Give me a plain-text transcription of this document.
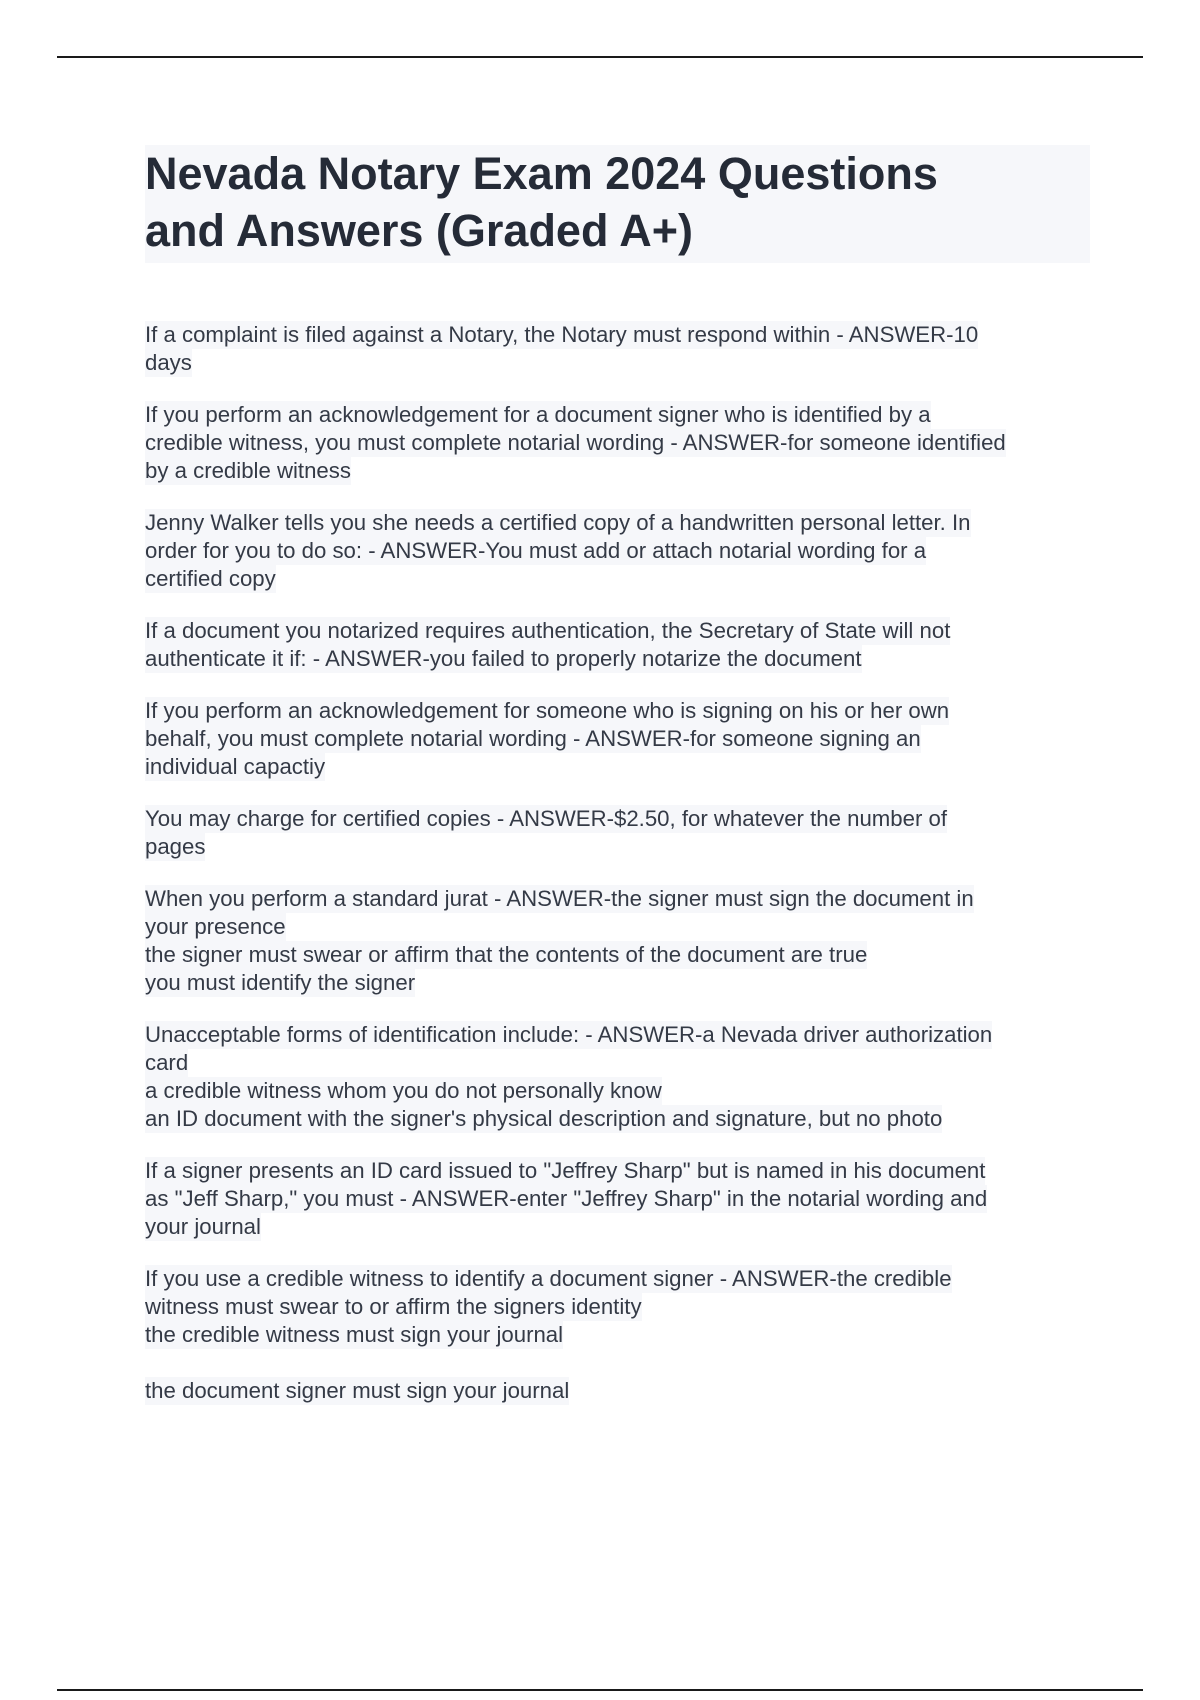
Nevada Notary Exam 2024 Questions
and Answers (Graded A+)
If a complaint is filed against a Notary, the Notary must respond within - ANSWER-10
days
If you perform an acknowledgement for a document signer who is identified by a
credible witness, you must complete notarial wording - ANSWER-for someone identified
by a credible witness
Jenny Walker tells you she needs a certified copy of a handwritten personal letter. In
order for you to do so: - ANSWER-You must add or attach notarial wording for a
certified copy
If a document you notarized requires authentication, the Secretary of State will not
authenticate it if: - ANSWER-you failed to properly notarize the document
If you perform an acknowledgement for someone who is signing on his or her own
behalf, you must complete notarial wording - ANSWER-for someone signing an
individual capactiy
You may charge for certified copies - ANSWER-$2.50, for whatever the number of
pages
When you perform a standard jurat - ANSWER-the signer must sign the document in
your presence
the signer must swear or affirm that the contents of the document are true
you must identify the signer
Unacceptable forms of identification include: - ANSWER-a Nevada driver authorization
card
a credible witness whom you do not personally know
an ID document with the signer's physical description and signature, but no photo
If a signer presents an ID card issued to "Jeffrey Sharp" but is named in his document
as "Jeff Sharp," you must - ANSWER-enter "Jeffrey Sharp" in the notarial wording and
your journal
If you use a credible witness to identify a document signer - ANSWER-the credible
witness must swear to or affirm the signers identity
the credible witness must sign your journal
the document signer must sign your journal
